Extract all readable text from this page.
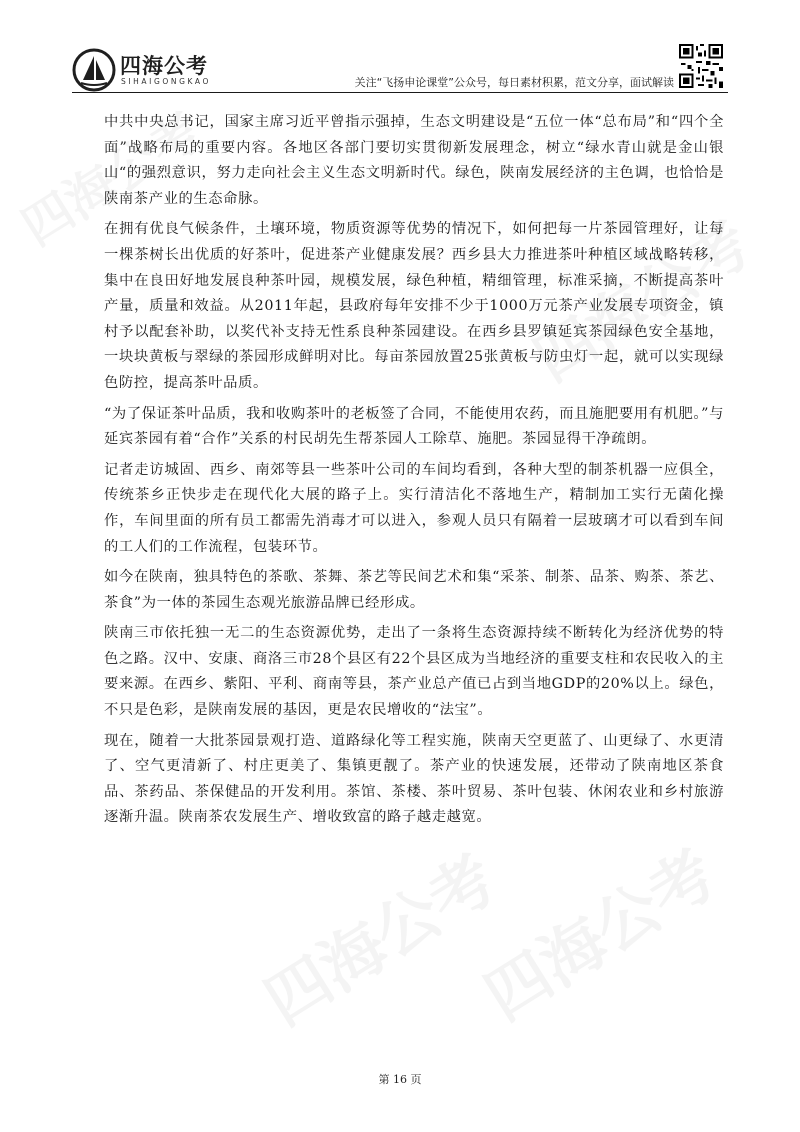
四海公考
SIHAIGONGKAO	关注“飞扬申论课堂”公众号，每日素材积累，范文分享，面试解读

中共中央总书记，国家主席习近平曾指示强掉，生态文明建设是“五位一体“总布局”和“四个全面”战略布局的重要内容。各地区各部门要切实贯彻新发展理念，树立“绿水青山就是金山银山“的强烈意识，努力走向社会主义生态文明新时代。绿色，陕南发展经济的主色调，也恰恰是陕南茶产业的生态命脉。

在拥有优良气候条件，土壤环境，物质资源等优势的情况下，如何把每一片茶园管理好，让每一棵茶树长出优质的好茶叶，促进茶产业健康发展？西乡县大力推进茶叶种植区域战略转移，集中在良田好地发展良种茶叶园，规模发展，绿色种植，精细管理，标准采摘，不断提高茶叶产量，质量和效益。从2011年起，县政府每年安排不少于1000万元茶产业发展专项资金，镇村予以配套补助，以奖代补支持无性系良种茶园建设。在西乡县罗镇延宾茶园绿色安全基地，一块块黄板与翠绿的茶园形成鲜明对比。每亩茶园放置25张黄板与防虫灯一起，就可以实现绿色防控，提高茶叶品质。

“为了保证茶叶品质，我和收购茶叶的老板签了合同，不能使用农药，而且施肥要用有机肥。”与延宾茶园有着“合作”关系的村民胡先生帮茶园人工除草、施肥。茶园显得干净疏朗。

记者走访城固、西乡、南郊等县一些茶叶公司的车间均看到，各种大型的制茶机器一应俱全，传统茶乡正快步走在现代化大展的路子上。实行清洁化不落地生产，精制加工实行无菌化操作，车间里面的所有员工都需先消毒才可以进入，参观人员只有隔着一层玻璃才可以看到车间的工人们的工作流程，包装环节。

如今在陕南，独具特色的茶歌、茶舞、茶艺等民间艺术和集“采茶、制茶、品茶、购茶、茶艺、茶食”为一体的茶园生态观光旅游品牌已经形成。

陕南三市依托独一无二的生态资源优势，走出了一条将生态资源持续不断转化为经济优势的特色之路。汉中、安康、商洛三市28个县区有22个县区成为当地经济的重要支柱和农民收入的主要来源。在西乡、紫阳、平利、商南等县，茶产业总产值已占到当地GDP的20%以上。绿色，不只是色彩，是陕南发展的基因，更是农民增收的“法宝”。

现在，随着一大批茶园景观打造、道路绿化等工程实施，陕南天空更蓝了、山更绿了、水更清了、空气更清新了、村庄更美了、集镇更靓了。茶产业的快速发展，还带动了陕南地区茶食品、茶药品、茶保健品的开发利用。茶馆、茶楼、茶叶贸易、茶叶包装、休闲农业和乡村旅游逐渐升温。陕南茶农发展生产、增收致富的路子越走越宽。

第 16 页
